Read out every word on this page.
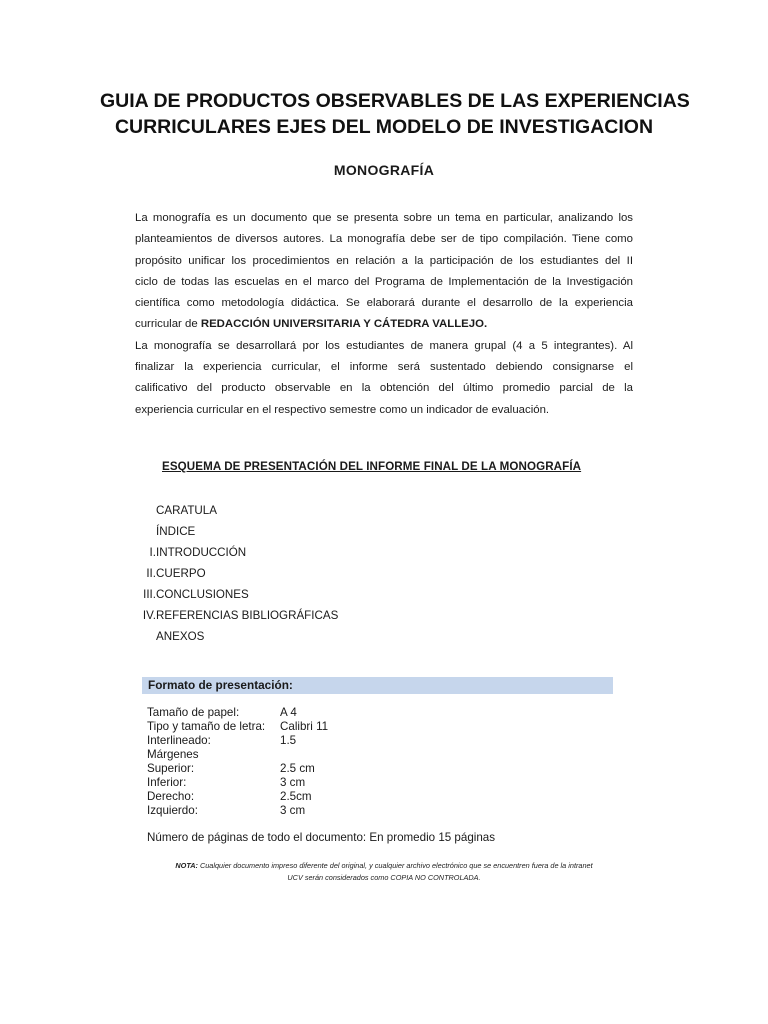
GUIA DE PRODUCTOS OBSERVABLES DE LAS EXPERIENCIAS
CURRICULARES EJES DEL MODELO DE INVESTIGACION
MONOGRAFÍA
La monografía es un documento que se presenta sobre un tema en particular, analizando los
planteamientos de diversos autores. La monografía debe ser de tipo compilación. Tiene como
propósito unificar los procedimientos en relación a la participación de los estudiantes del II
ciclo de todas las escuelas en el marco del Programa de Implementación de la Investigación
científica como metodología didáctica. Se elaborará durante el desarrollo de la experiencia
curricular de REDACCIÓN UNIVERSITARIA Y CÁTEDRA VALLEJO.
La monografía se desarrollará por los estudiantes de manera grupal (4 a 5 integrantes). Al
finalizar la experiencia curricular, el informe será sustentado debiendo consignarse el
calificativo del producto observable en la obtención del último promedio parcial de la
experiencia curricular en el respectivo semestre como un indicador de evaluación.
ESQUEMA DE PRESENTACIÓN DEL INFORME FINAL DE LA MONOGRAFÍA
CARATULA
ÍNDICE
I. INTRODUCCIÓN
II. CUERPO
III. CONCLUSIONES
IV. REFERENCIAS BIBLIOGRÁFICAS
ANEXOS
Formato de presentación:
Tamaño de papel:	A 4
Tipo y tamaño de letra: Calibri 11
Interlineado:	1.5
Márgenes
Superior:	2.5 cm
Inferior:	3 cm
Derecho:	2.5cm
Izquierdo:	3 cm
Número de páginas de todo el documento: En promedio 15 páginas
NOTA: Cualquier documento impreso diferente del original, y cualquier archivo electrónico que se encuentren fuera de la intranet
UCV serán considerados como COPIA NO CONTROLADA.
